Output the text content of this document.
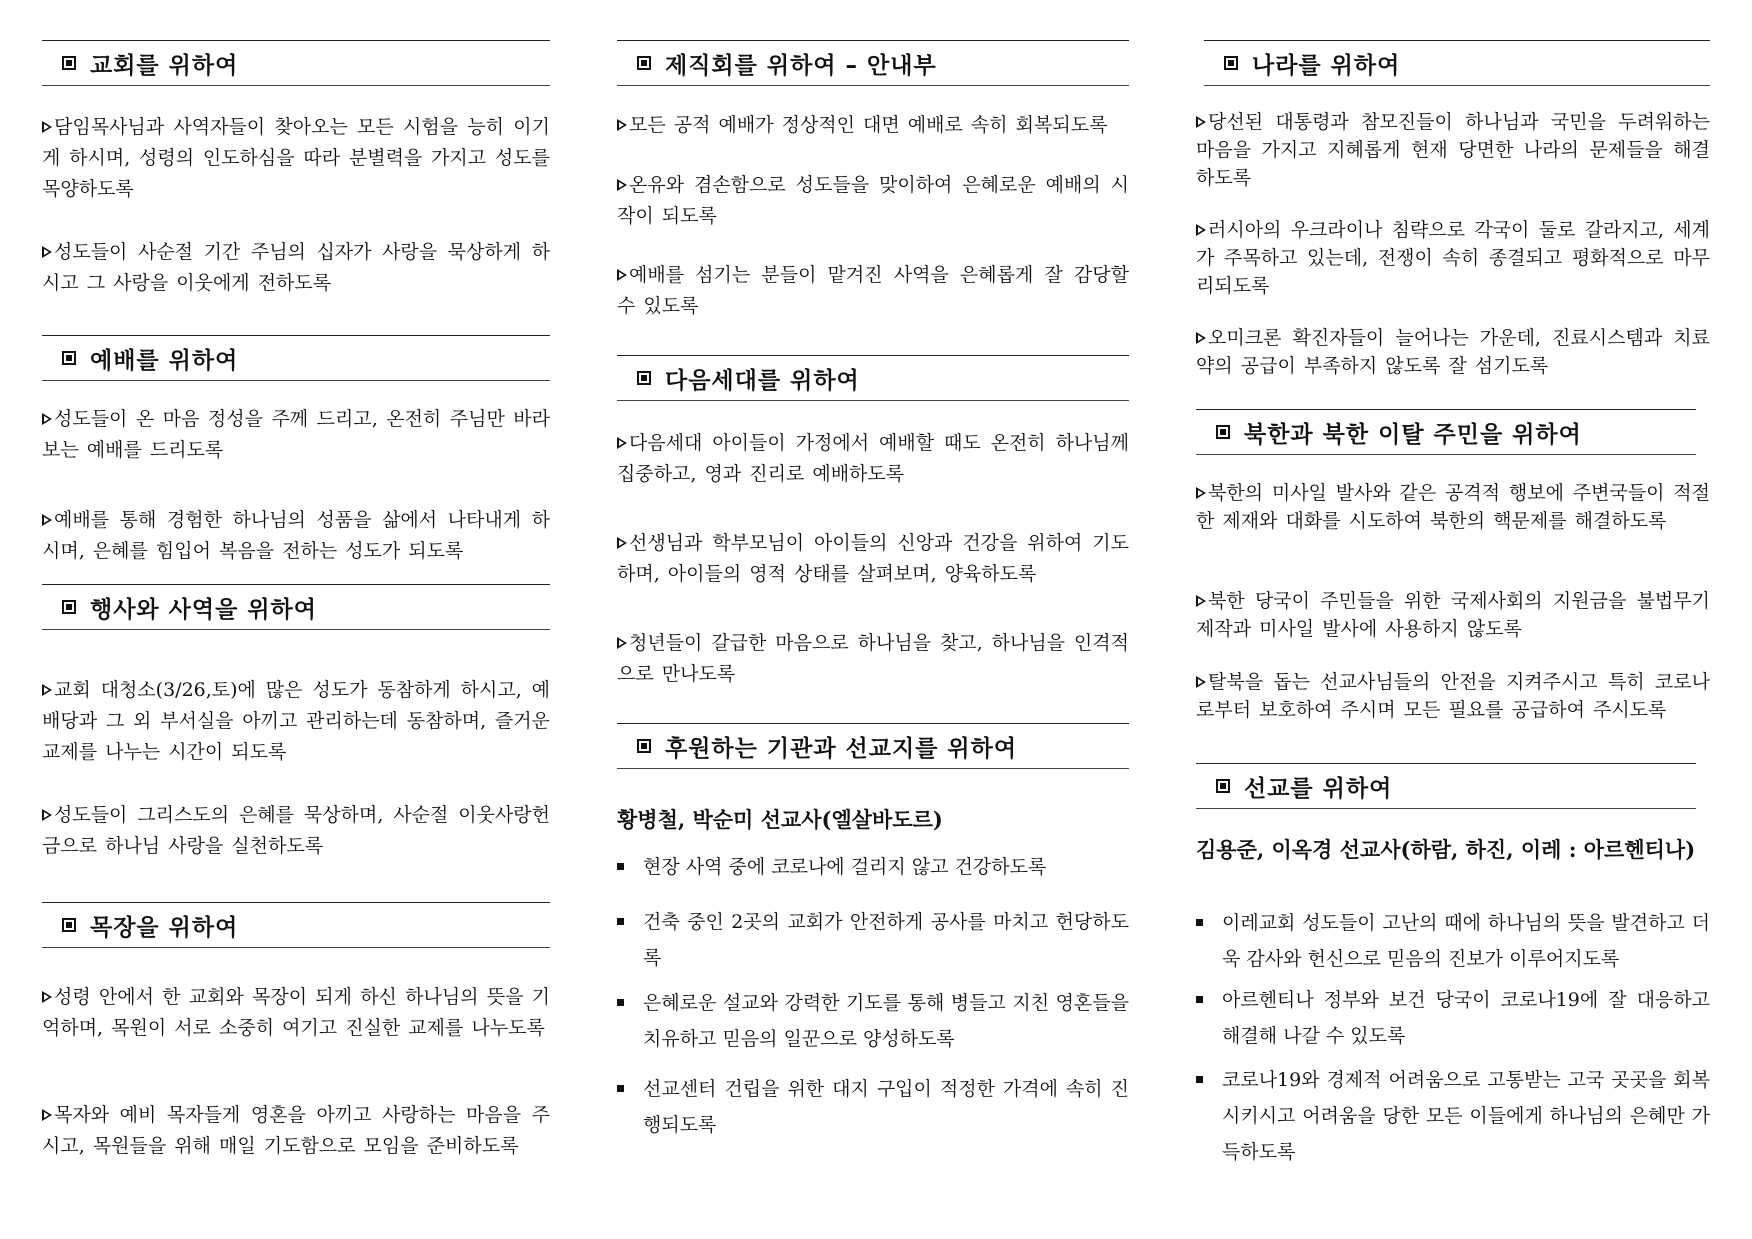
교회를 위하여
담임목사님과 사역자들이 찾아오는 모든 시험을 능히 이기게 하시며, 성령의 인도하심을 따라 분별력을 가지고 성도를 목양하도록
성도들이 사순절 기간 주님의 십자가 사랑을 묵상하게 하시고 그 사랑을 이웃에게 전하도록
예배를 위하여
성도들이 온 마음 정성을 주께 드리고, 온전히 주님만 바라보는 예배를 드리도록
예배를 통해 경험한 하나님의 성품을 삶에서 나타내게 하시며, 은혜를 힘입어 복음을 전하는 성도가 되도록
행사와 사역을 위하여
교회 대청소(3/26,토)에 많은 성도가 동참하게 하시고, 예배당과 그 외 부서실을 아끼고 관리하는데 동참하며, 즐거운 교제를 나누는 시간이 되도록
성도들이 그리스도의 은혜를 묵상하며, 사순절 이웃사랑헌금으로 하나님 사랑을 실천하도록
목장을 위하여
성령 안에서 한 교회와 목장이 되게 하신 하나님의 뜻을 기억하며, 목원이 서로 소중히 여기고 진실한 교제를 나누도록
목자와 예비 목자들게 영혼을 아끼고 사랑하는 마음을 주시고, 목원들을 위해 매일 기도함으로 모임을 준비하도록
제직회를 위하여 – 안내부
모든 공적 예배가 정상적인 대면 예배로 속히 회복되도록
온유와 겸손함으로 성도들을 맞이하여 은혜로운 예배의 시작이 되도록
예배를 섬기는 분들이 맡겨진 사역을 은혜롭게 잘 감당할 수 있도록
다음세대를 위하여
다음세대 아이들이 가정에서 예배할 때도 온전히 하나님께 집중하고, 영과 진리로 예배하도록
선생님과 학부모님이 아이들의 신앙과 건강을 위하여 기도하며, 아이들의 영적 상태를 살펴보며, 양육하도록
청년들이 갈급한 마음으로 하나님을 찾고, 하나님을 인격적으로 만나도록
후원하는 기관과 선교지를 위하여
황병철, 박순미 선교사(엘살바도르)
현장 사역 중에 코로나에 걸리지 않고 건강하도록
건축 중인 2곳의 교회가 안전하게 공사를 마치고 헌당하도록
은혜로운 설교와 강력한 기도를 통해 병들고 지친 영혼들을 치유하고 믿음의 일꾼으로 양성하도록
선교센터 건립을 위한 대지 구입이 적정한 가격에 속히 진행되도록
나라를 위하여
당선된 대통령과 참모진들이 하나님과 국민을 두려워하는 마음을 가지고 지혜롭게 현재 당면한 나라의 문제들을 해결하도록
러시아의 우크라이나 침략으로 각국이 둘로 갈라지고, 세계가 주목하고 있는데, 전쟁이 속히 종결되고 평화적으로 마무리되도록
오미크론 확진자들이 늘어나는 가운데, 진료시스템과 치료약의 공급이 부족하지 않도록 잘 섬기도록
북한과 북한 이탈 주민을 위하여
북한의 미사일 발사와 같은 공격적 행보에 주변국들이 적절한 제재와 대화를 시도하여 북한의 핵문제를 해결하도록
북한 당국이 주민들을 위한 국제사회의 지원금을 불법무기 제작과 미사일 발사에 사용하지 않도록
탈북을 돕는 선교사님들의 안전을 지켜주시고 특히 코로나로부터 보호하여 주시며 모든 필요를 공급하여 주시도록
선교를 위하여
김용준, 이옥경 선교사(하람, 하진, 이레 : 아르헨티나)
이레교회 성도들이 고난의 때에 하나님의 뜻을 발견하고 더욱 감사와 헌신으로 믿음의 진보가 이루어지도록
아르헨티나 정부와 보건 당국이 코로나19에 잘 대응하고 해결해 나갈 수 있도록
코로나19와 경제적 어려움으로 고통받는 고국 곳곳을 회복시키시고 어려움을 당한 모든 이들에게 하나님의 은혜만 가득하도록
